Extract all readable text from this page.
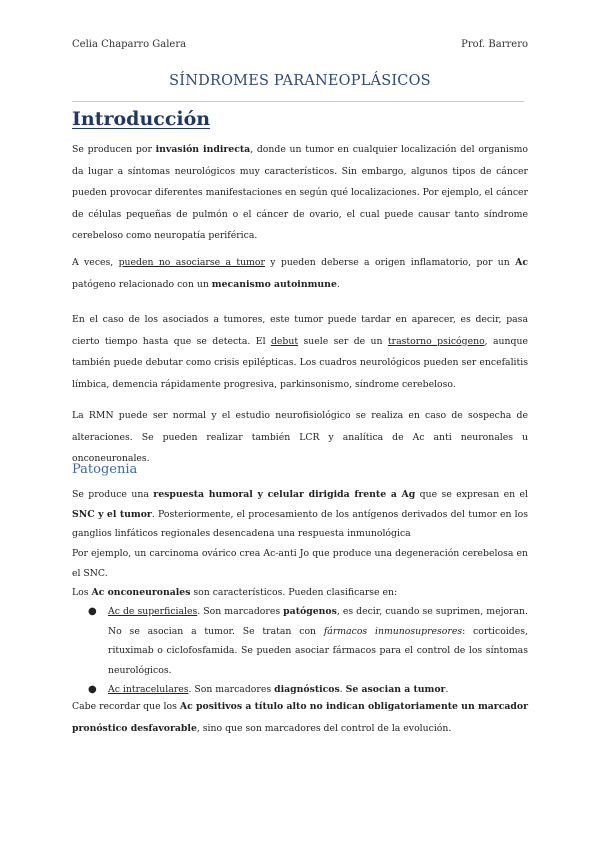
Celia Chaparro Galera	Prof. Barrero
SÍNDROMES PARANEOPLÁSICOS
Introducción
Se producen por invasión indirecta, donde un tumor en cualquier localización del organismo da lugar a síntomas neurológicos muy característicos. Sin embargo, algunos tipos de cáncer pueden provocar diferentes manifestaciones en según qué localizaciones. Por ejemplo, el cáncer de células pequeñas de pulmón o el cáncer de ovario, el cual puede causar tanto síndrome cerebeloso como neuropatía periférica.
A veces, pueden no asociarse a tumor y pueden deberse a origen inflamatorio, por un Ac patógeno relacionado con un mecanismo autoinmune.
En el caso de los asociados a tumores, este tumor puede tardar en aparecer, es decir, pasa cierto tiempo hasta que se detecta. El debut suele ser de un trastorno psicógeno, aunque también puede debutar como crisis epilépticas. Los cuadros neurológicos pueden ser encefalitis límbica, demencia rápidamente progresiva, parkinsonismo, síndrome cerebeloso.
La RMN puede ser normal y el estudio neurofisiológico se realiza en caso de sospecha de alteraciones. Se pueden realizar también LCR y analítica de Ac anti neuronales u onconeuronales.
Patogenia
Se produce una respuesta humoral y celular dirigida frente a Ag que se expresan en el SNC y el tumor. Posteriormente, el procesamiento de los antígenos derivados del tumor en los ganglios linfáticos regionales desencadena una respuesta inmunológica
Por ejemplo, un carcinoma ovárico crea Ac-anti Jo que produce una degeneración cerebelosa en el SNC.
Los Ac onconeuronales son característicos. Pueden clasificarse en:
● Ac de superficiales. Son marcadores patógenos, es decir, cuando se suprimen, mejoran. No se asocian a tumor. Se tratan con fármacos inmunosupresores: corticoides, rituximab o ciclofosfamida. Se pueden asociar fármacos para el control de los síntomas neurológicos.
● Ac intracelulares. Son marcadores diagnósticos. Se asocian a tumor.
Cabe recordar que los Ac positivos a título alto no indican obligatoriamente un marcador pronóstico desfavorable, sino que son marcadores del control de la evolución.
